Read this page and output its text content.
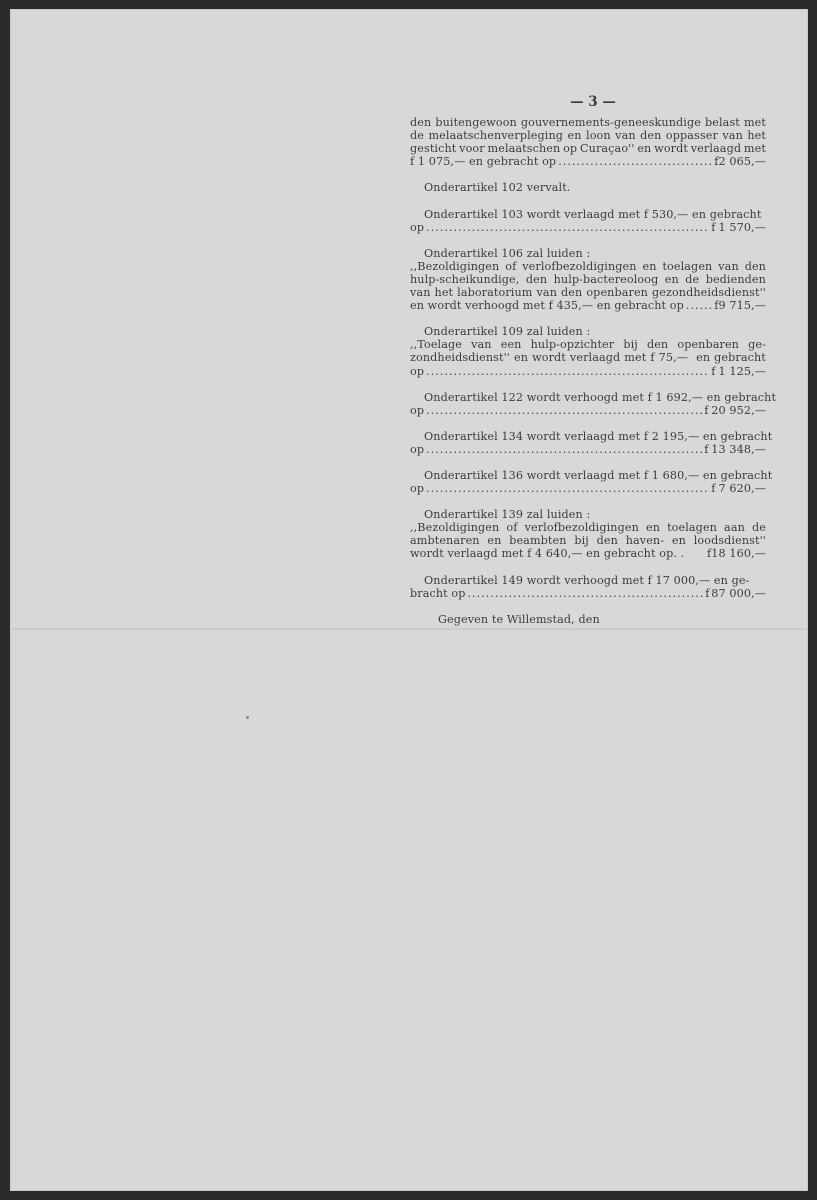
— 3 —
den buitengewoon gouvernements-geneeskundige belast met
de melaatschenverpleging en loon van den oppasser van het
gesticht voor melaatschen op Curaçao'' en wordt verlaagd met
f 1 075,— en gebracht op .....	f 2 065,—
Onderartikel 102 vervalt.
Onderartikel 103 wordt verlaagd met f 530,— en gebracht
op .....	f 1 570,—
Onderartikel 106 zal luiden :
,,Bezoldigingen of verlofbezoldigingen en toelagen van den
hulp-scheikundige, den hulp-bactereoloog en de bedienden
van het laboratorium van den openbaren gezondheidsdienst''
en wordt verhoogd met f 435,— en gebracht op .....	f 9 715,—
Onderartikel 109 zal luiden :
,,Toelage van een hulp-opzichter bij den openbaren ge-
zondheidsdienst'' en wordt verlaagd met f 75,— en gebracht
op .....	f 1 125,—
Onderartikel 122 wordt verhoogd met f 1 692,— en gebracht
op .....	f 20 952,—
Onderartikel 134 wordt verlaagd met f 2 195,— en gebracht
op .....	f 13 348,—
Onderartikel 136 wordt verlaagd met f 1 680,— en gebracht
op .....	f 7 620,—
Onderartikel 139 zal luiden :
,,Bezoldigingen of verlofbezoldigingen en toelagen aan de
ambtenaren en beambten bij den haven- en loodsdienst''
wordt verlaagd met f 4 640,— en gebracht op. . f 18 160,—
Onderartikel 149 wordt verhoogd met f 17 000,— en ge-
bracht op .....	f 87 000,—
Gegeven te Willemstad, den
